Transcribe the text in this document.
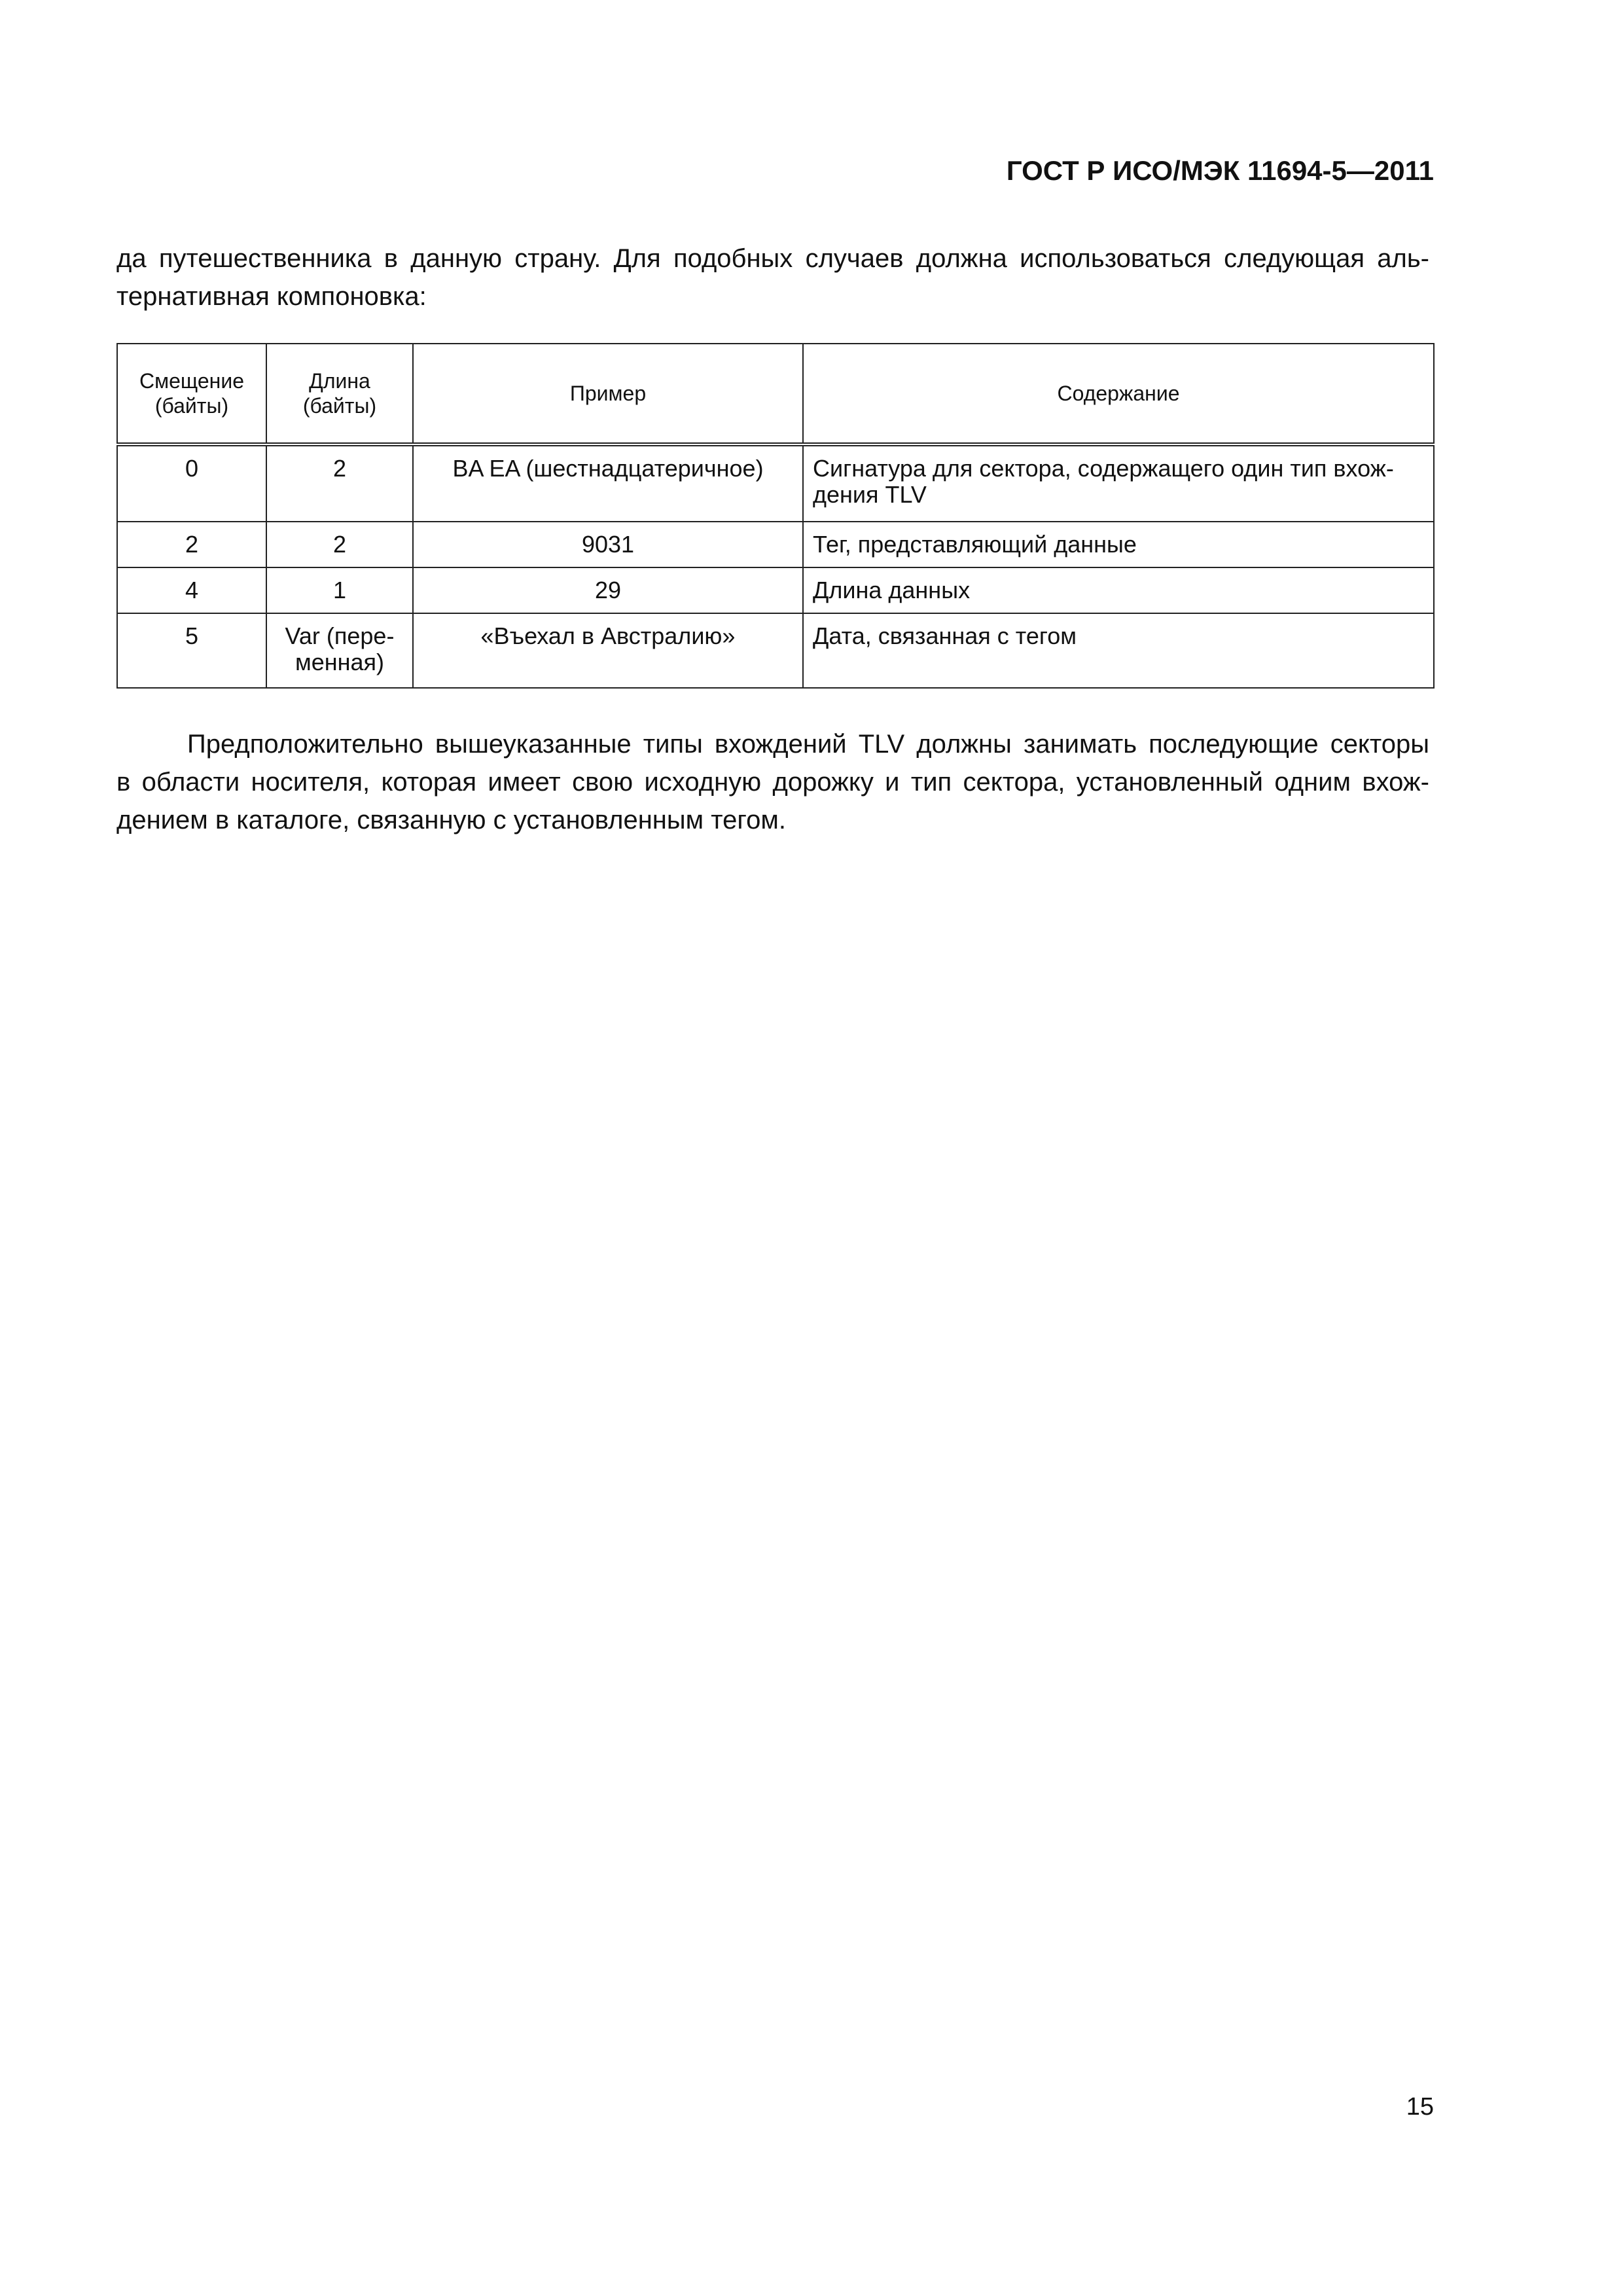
ГОСТ Р ИСО/МЭК 11694-5—2011
да путешественника в данную страну. Для подобных случаев должна использоваться следующая аль-
тернативная компоновка:
Смещение (байты)	Длина (байты)	Пример	Содержание
0	2	BA EA (шестнадцатеричное)	Сигнатура для сектора, содержащего один тип вхож- дения TLV
2	2	9031	Тег, представляющий данные
4	1	29	Длина данных
5	Var (пере- менная)	«Въехал в Австралию»	Дата, связанная с тегом
Предположительно вышеуказанные типы вхождений TLV должны занимать последующие секторы
в области носителя, которая имеет свою исходную дорожку и тип сектора, установленный одним вхож-
дением в каталоге, связанную с установленным тегом.
15
